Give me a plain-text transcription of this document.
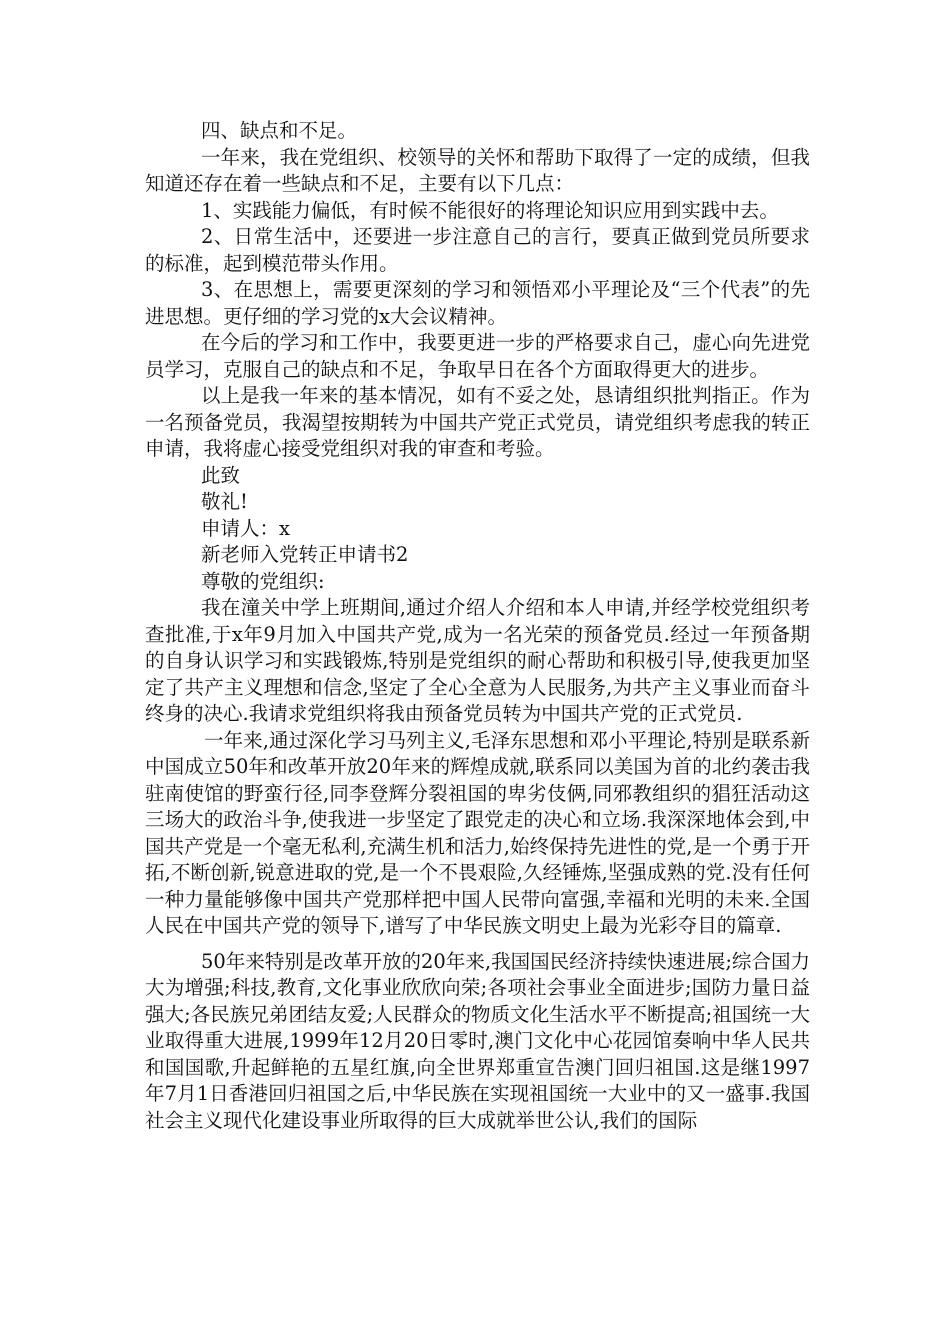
四、缺点和不足。

一年来，我在党组织、校领导的关怀和帮助下取得了一定的成绩，但我知道还存在着一些缺点和不足，主要有以下几点：

1、实践能力偏低，有时候不能很好的将理论知识应用到实践中去。

2、日常生活中，还要进一步注意自己的言行，要真正做到党员所要求的标准，起到模范带头作用。

3、在思想上，需要更深刻的学习和领悟邓小平理论及“三个代表”的先进思想。更仔细的学习党的x大会议精神。

在今后的学习和工作中，我要更进一步的严格要求自己，虚心向先进党员学习，克服自己的缺点和不足，争取早日在各个方面取得更大的进步。

以上是我一年来的基本情况，如有不妥之处，恳请组织批判指正。作为一名预备党员，我渴望按期转为中国共产党正式党员，请党组织考虑我的转正申请，我将虚心接受党组织对我的审查和考验。

此致

敬礼!

申请人：x

新老师入党转正申请书2

尊敬的党组织:

我在潼关中学上班期间,通过介绍人介绍和本人申请,并经学校党组织考查批准,于x年9月加入中国共产党,成为一名光荣的预备党员.经过一年预备期的自身认识学习和实践锻炼,特别是党组织的耐心帮助和积极引导,使我更加坚定了共产主义理想和信念,坚定了全心全意为人民服务,为共产主义事业而奋斗终身的决心.我请求党组织将我由预备党员转为中国共产党的正式党员.

一年来,通过深化学习马列主义,毛泽东思想和邓小平理论,特别是联系新中国成立50年和改革开放20年来的辉煌成就,联系同以美国为首的北约袭击我驻南使馆的野蛮行径,同李登辉分裂祖国的卑劣伎俩,同邪教组织的猖狂活动这三场大的政治斗争,使我进一步坚定了跟党走的决心和立场.我深深地体会到,中国共产党是一个毫无私利,充满生机和活力,始终保持先进性的党,是一个勇于开拓,不断创新,锐意进取的党,是一个不畏艰险,久经锤炼,坚强成熟的党.没有任何一种力量能够像中国共产党那样把中国人民带向富强,幸福和光明的未来.全国人民在中国共产党的领导下,谱写了中华民族文明史上最为光彩夺目的篇章.

50年来特别是改革开放的20年来,我国国民经济持续快速进展;综合国力大为增强;科技,教育,文化事业欣欣向荣;各项社会事业全面进步;国防力量日益强大;各民族兄弟团结友爱;人民群众的物质文化生活水平不断提高;祖国统一大业取得重大进展,1999年12月20日零时,澳门文化中心花园馆奏响中华人民共和国国歌,升起鲜艳的五星红旗,向全世界郑重宣告澳门回归祖国.这是继1997年7月1日香港回归祖国之后,中华民族在实现祖国统一大业中的又一盛事.我国社会主义现代化建设事业所取得的巨大成就举世公认,我们的国际
